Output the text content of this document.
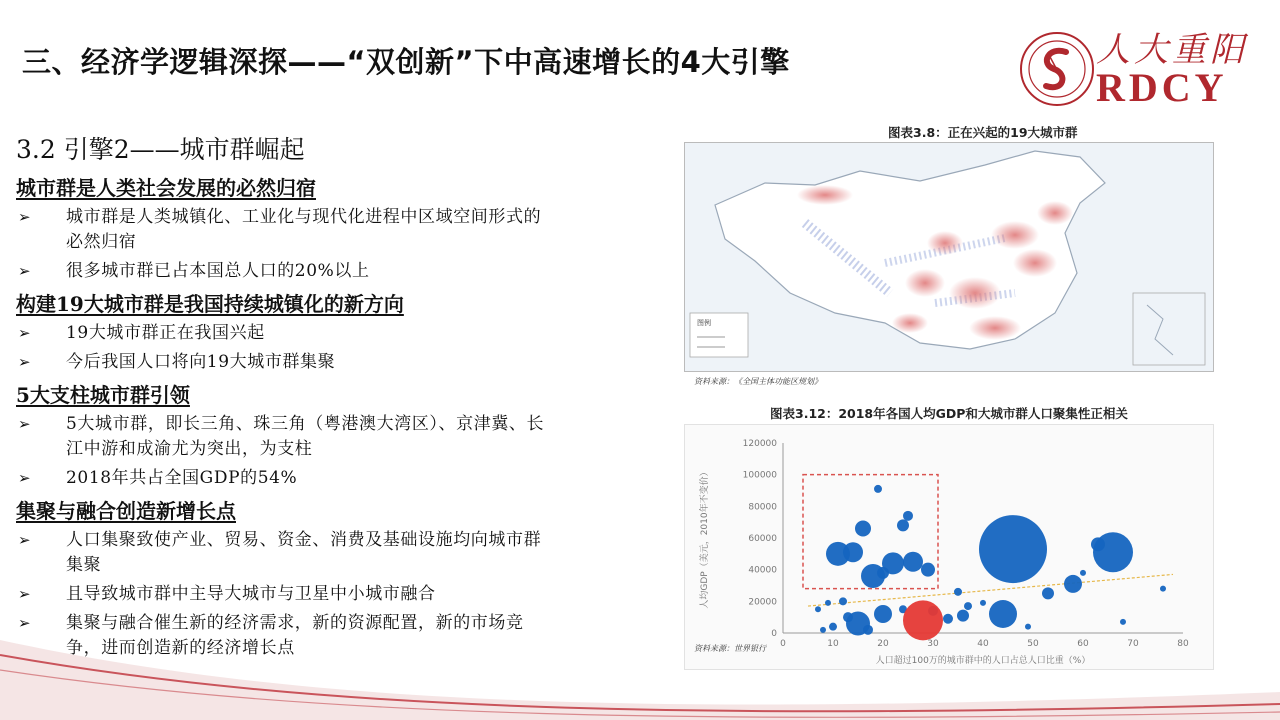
三、经济学逻辑深探——“双创新”下中高速增长的4大引擎	人大重阳
RDCY
3.2 引擎2——城市群崛起
城市群是人类社会发展的必然归宿
➢	城市群是人类城镇化、工业化与现代化进程中区域空间形式的必然归宿
➢	很多城市群已占本国总人口的20%以上
构建19大城市群是我国持续城镇化的新方向
➢	19大城市群正在我国兴起
➢	今后我国人口将向19大城市群集聚
5大支柱城市群引领
➢	5大城市群，即长三角、珠三角（粤港澳大湾区）、京津冀、长江中游和成渝尤为突出，为支柱
➢	2018年共占全国GDP的54%
集聚与融合创造新增长点
➢	人口集聚致使产业、贸易、资金、消费及基础设施均向城市群集聚
➢	且导致城市群中主导大城市与卫星中小城市融合
➢	集聚与融合催生新的经济需求，新的资源配置，新的市场竞争，进而创造新的经济增长点
图表3.8：正在兴起的19大城市群
图例
资料来源：《全国主体功能区规划》
图表3.12：2018年各国人均GDP和大城市群人口聚集性正相关
0
20000
40000
60000
80000
100000
120000
0	10	20	30	40	50	60	70	80
人口超过100万的城市群中的人口占总人口比重（%）
人均GDP（美元，2010年不变价）
资料来源：世界银行
